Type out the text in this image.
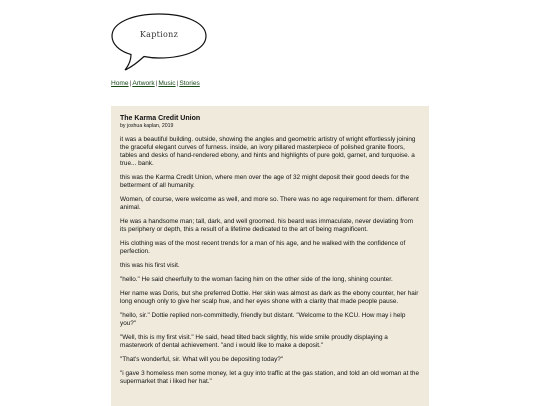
Kaptionz
Home|Artwork|Music|Stories

The Karma Credit Union

by joshua kaplan, 2019

it was a beautiful building. outside, showing the angles and geometric artistry of wright effortlessly joining the graceful elegant curves of furness. inside, an ivory pillared masterpiece of polished granite floors, tables and desks of hand-rendered ebony, and hints and highlights of pure gold, garnet, and turquoise. a true... bank.

this was the Karma Credit Union, where men over the age of 32 might deposit their good deeds for the betterment of all humanity.

Women, of course, were welcome as well, and more so. There was no age requirement for them. different animal.

He was a handsome man; tall, dark, and well groomed. his beard was immaculate, never deviating from its periphery or depth, this a result of a lifetime dedicated to the art of being magnificent.

His clothing was of the most recent trends for a man of his age, and he walked with the confidence of perfection.

this was his first visit.

"hello." He said cheerfully to the woman facing him on the other side of the long, shining counter.

Her name was Doris, but she preferred Dottie. Her skin was almost as dark as the ebony counter, her hair long enough only to give her scalp hue, and her eyes shone with a clarity that made people pause.

"hello, sir." Dottie replied non-committedly, friendly but distant. "Welcome to the KCU. How may i help you?"

"Well, this is my first visit." He said, head tilted back slightly, his wide smile proudly displaying a masterwork of dental achievement. "and i would like to make a deposit."

"That's wonderful, sir. What will you be depositing today?"

"i gave 3 homeless men some money, let a guy into traffic at the gas station, and told an old woman at the supermarket that i liked her hat."
